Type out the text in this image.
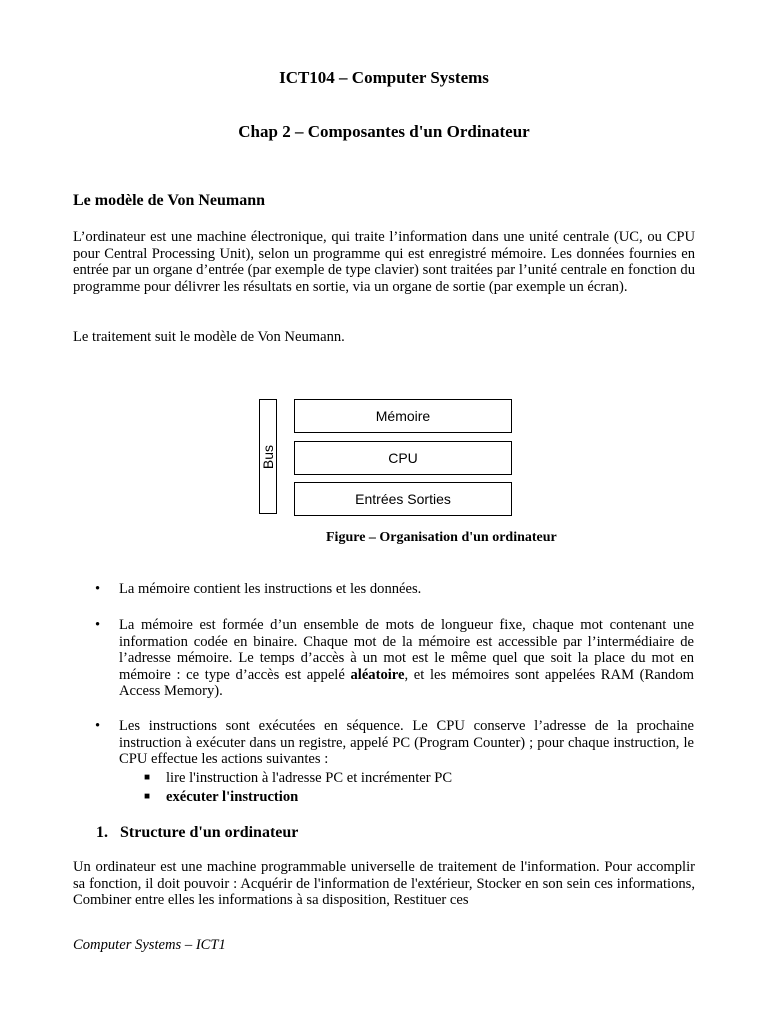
ICT104 – Computer Systems
Chap 2 – Composantes d'un Ordinateur
Le modèle de Von Neumann

L’ordinateur est une machine électronique, qui traite l’information dans une unité centrale (UC, ou CPU pour Central Processing Unit), selon un programme qui est enregistré mémoire. Les données fournies en entrée par un organe d’entrée (par exemple de type clavier) sont traitées par l’unité centrale en fonction du programme pour délivrer les résultats en sortie, via un organe de sortie (par exemple un écran).

Le traitement suit le modèle de Von Neumann.

Bus
Mémoire
CPU
Entrées Sorties
Figure – Organisation d'un ordinateur

• La mémoire contient les instructions et les données.

• La mémoire est formée d’un ensemble de mots de longueur fixe, chaque mot contenant une information codée en binaire. Chaque mot de la mémoire est accessible par l’intermédiaire de l’adresse mémoire. Le temps d’accès à un mot est le même quel que soit la place du mot en mémoire : ce type d’accès est appelé aléatoire, et les mémoires sont appelées RAM (Random Access Memory).

• Les instructions sont exécutées en séquence. Le CPU conserve l’adresse de la prochaine instruction à exécuter dans un registre, appelé PC (Program Counter) ; pour chaque instruction, le CPU effectue les actions suivantes :

■ lire l'instruction à l'adresse PC et incrémenter PC

■ exécuter l'instruction

1. Structure d'un ordinateur

Un ordinateur est une machine programmable universelle de traitement de l'information. Pour accomplir sa fonction, il doit pouvoir : Acquérir de l'information de l'extérieur, Stocker en son sein ces informations, Combiner entre elles les informations à sa disposition, Restituer ces

Computer Systems – ICT1
